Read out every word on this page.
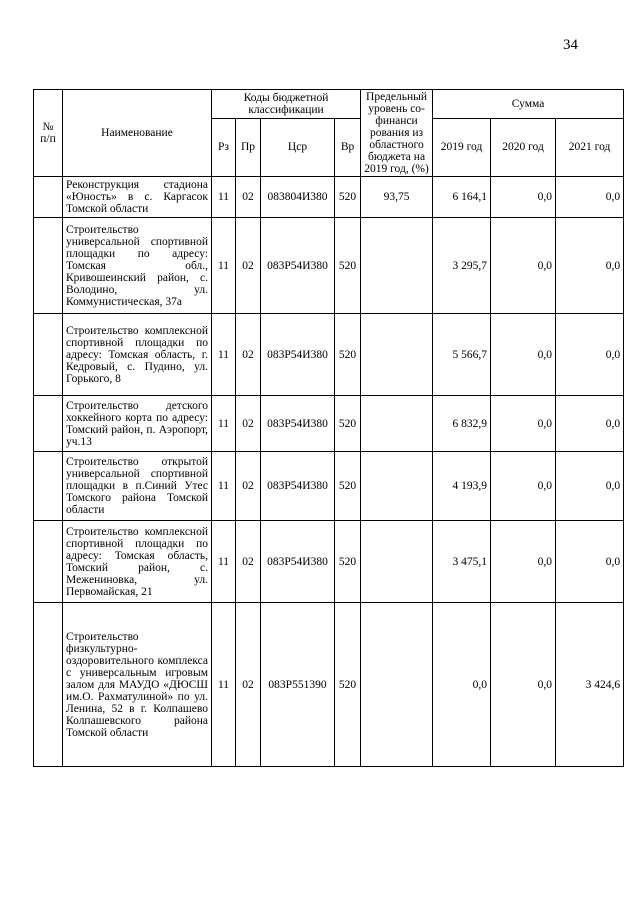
34
№ п/п	Наименование	Коды бюджетной классификации				Предельный уровень со-финанси рования из областного бюджета на 2019 год, (%)	Сумма		
		Рз	Пр	Цср	Вр		2019 год	2020 год	2021 год
	Реконструкция стадиона «Юность» в с. Каргасок Томской области	11	02	083804И380	520	93,75	6 164,1	0,0	0,0
	Строительство универсальной спортивной площадки по адресу: Томская обл., Кривошеинский район, с. Володино, ул. Коммунистическая, 37а	11	02	083P54И380	520		3 295,7	0,0	0,0
	Строительство комплексной спортивной площадки по адресу: Томская область, г. Кедровый, с. Пудино, ул. Горького, 8	11	02	083P54И380	520		5 566,7	0,0	0,0
	Строительство детского хоккейного корта по адресу: Томский район, п. Аэропорт, уч.13	11	02	083P54И380	520		6 832,9	0,0	0,0
	Строительство открытой универсальной спортивной площадки в п.Синий Утес Томского района Томской области	11	02	083P54И380	520		4 193,9	0,0	0,0
	Строительство комплексной спортивной площадки по адресу: Томская область, Томский район, с. Межениновка, ул. Первомайская, 21	11	02	083P54И380	520		3 475,1	0,0	0,0
	Строительство физкультурно-оздоровительного комплекса с универсальным игровым залом для МАУДО «ДЮСШ им.О. Рахматулиной» по ул. Ленина, 52 в г. Колпашево Колпашевского района Томской области	11	02	083P551390	520		0,0	0,0	3 424,6
